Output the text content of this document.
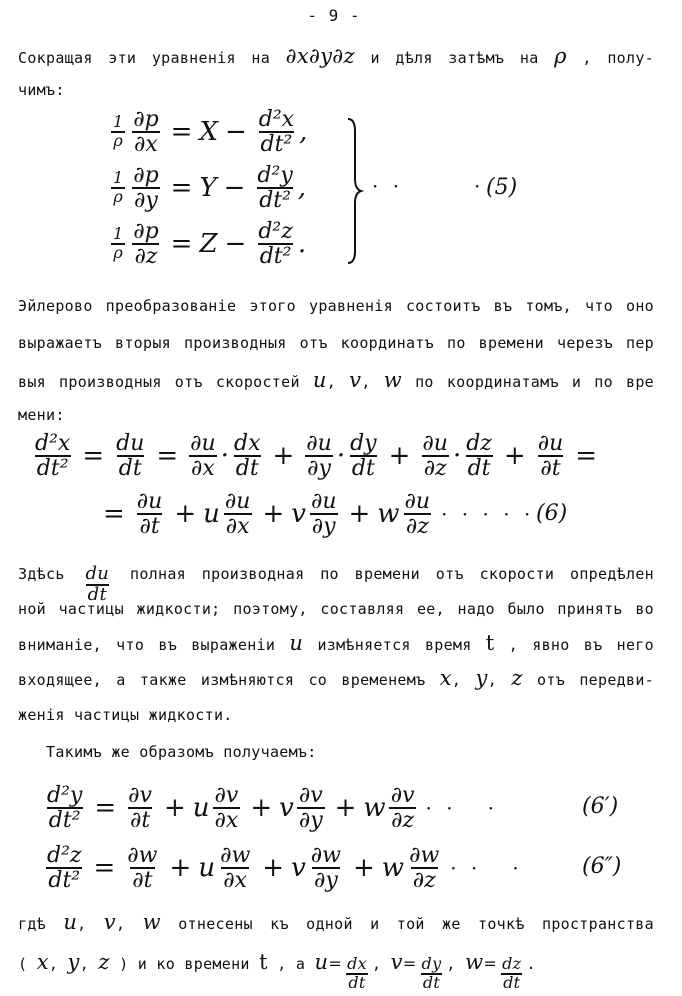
- 9 -
Сокращая эти уравненія на ∂x∂y∂z и дѣля затѣмъ на ρ , полу-
чимъ:
$\frac{1}{\rho} \frac{\partial p}{\partial x} = X - \frac{\text{d²x}}{\text{dt²}}$ ,
$\frac{1}{\rho} \frac{\partial p}{\partial y} = Y - \frac{\text{d²y}}{\text{dt²}}$ ,
$\frac{1}{\rho} \frac{\partial p}{\partial z} = Z - \frac{\text{d²z}}{\text{dt²}}$ .
· ·	· (5)
Эйлерово преобразованіе этого уравненія состоитъ въ томъ, что оно
выражаетъ вторыя производныя отъ координатъ по времени черезъ пер
выя производныя отъ скоростей u, v, w по координатамъ и по вре
мени:
$\frac{\text{d²x}}{\text{dt²}} = \frac{du}{dt} = \frac{\partial u}{\partial x} \cdot \frac{dx}{dt} + \frac{\partial u}{\partial y} \cdot \frac{dy}{dt} + \frac{\partial u}{\partial z} \cdot \frac{dz}{dt} + \frac{\partial u}{\partial t}$ =
= $\frac{\partial u}{\partial t} + u \frac{\partial u}{\partial x} + v \frac{\partial u}{\partial y} + w \frac{\partial u}{\partial z}$ · · · · · (6)
Здѣсь $\frac{du}{dt}$ полная производная по времени отъ скорости опредѣлен
ной частицы жидкости; поэтому, составляя ее, надо было принять во
вниманіе, что въ выраженіи u измѣняется время t , явно въ него
входящее, а также измѣняются со временемъ x, y, z отъ передви-
женія частицы жидкости.
Такимъ же образомъ получаемъ:
$\frac{\text{d²y}}{\text{dt²}} = \frac{\partial v}{\partial t} + u \frac{\partial v}{\partial x} + v \frac{\partial v}{\partial y} + w \frac{\partial v}{\partial z}$ · ·   ·	(6′)
$\frac{\text{d²z}}{\text{dt²}} = \frac{\partial w}{\partial t} + u \frac{\partial w}{\partial x} + v \frac{\partial w}{\partial y} + w \frac{\partial w}{\partial z}$ · ·   ·	(6″)
гдѣ u, v, w отнесены къ одной и той же точкѣ пространства
( x, y, z ) и ко времени t , а $u= \frac{dx}{dt}$ , $v= \frac{dy}{dt}$ , $w= \frac{dz}{dt}$ .
